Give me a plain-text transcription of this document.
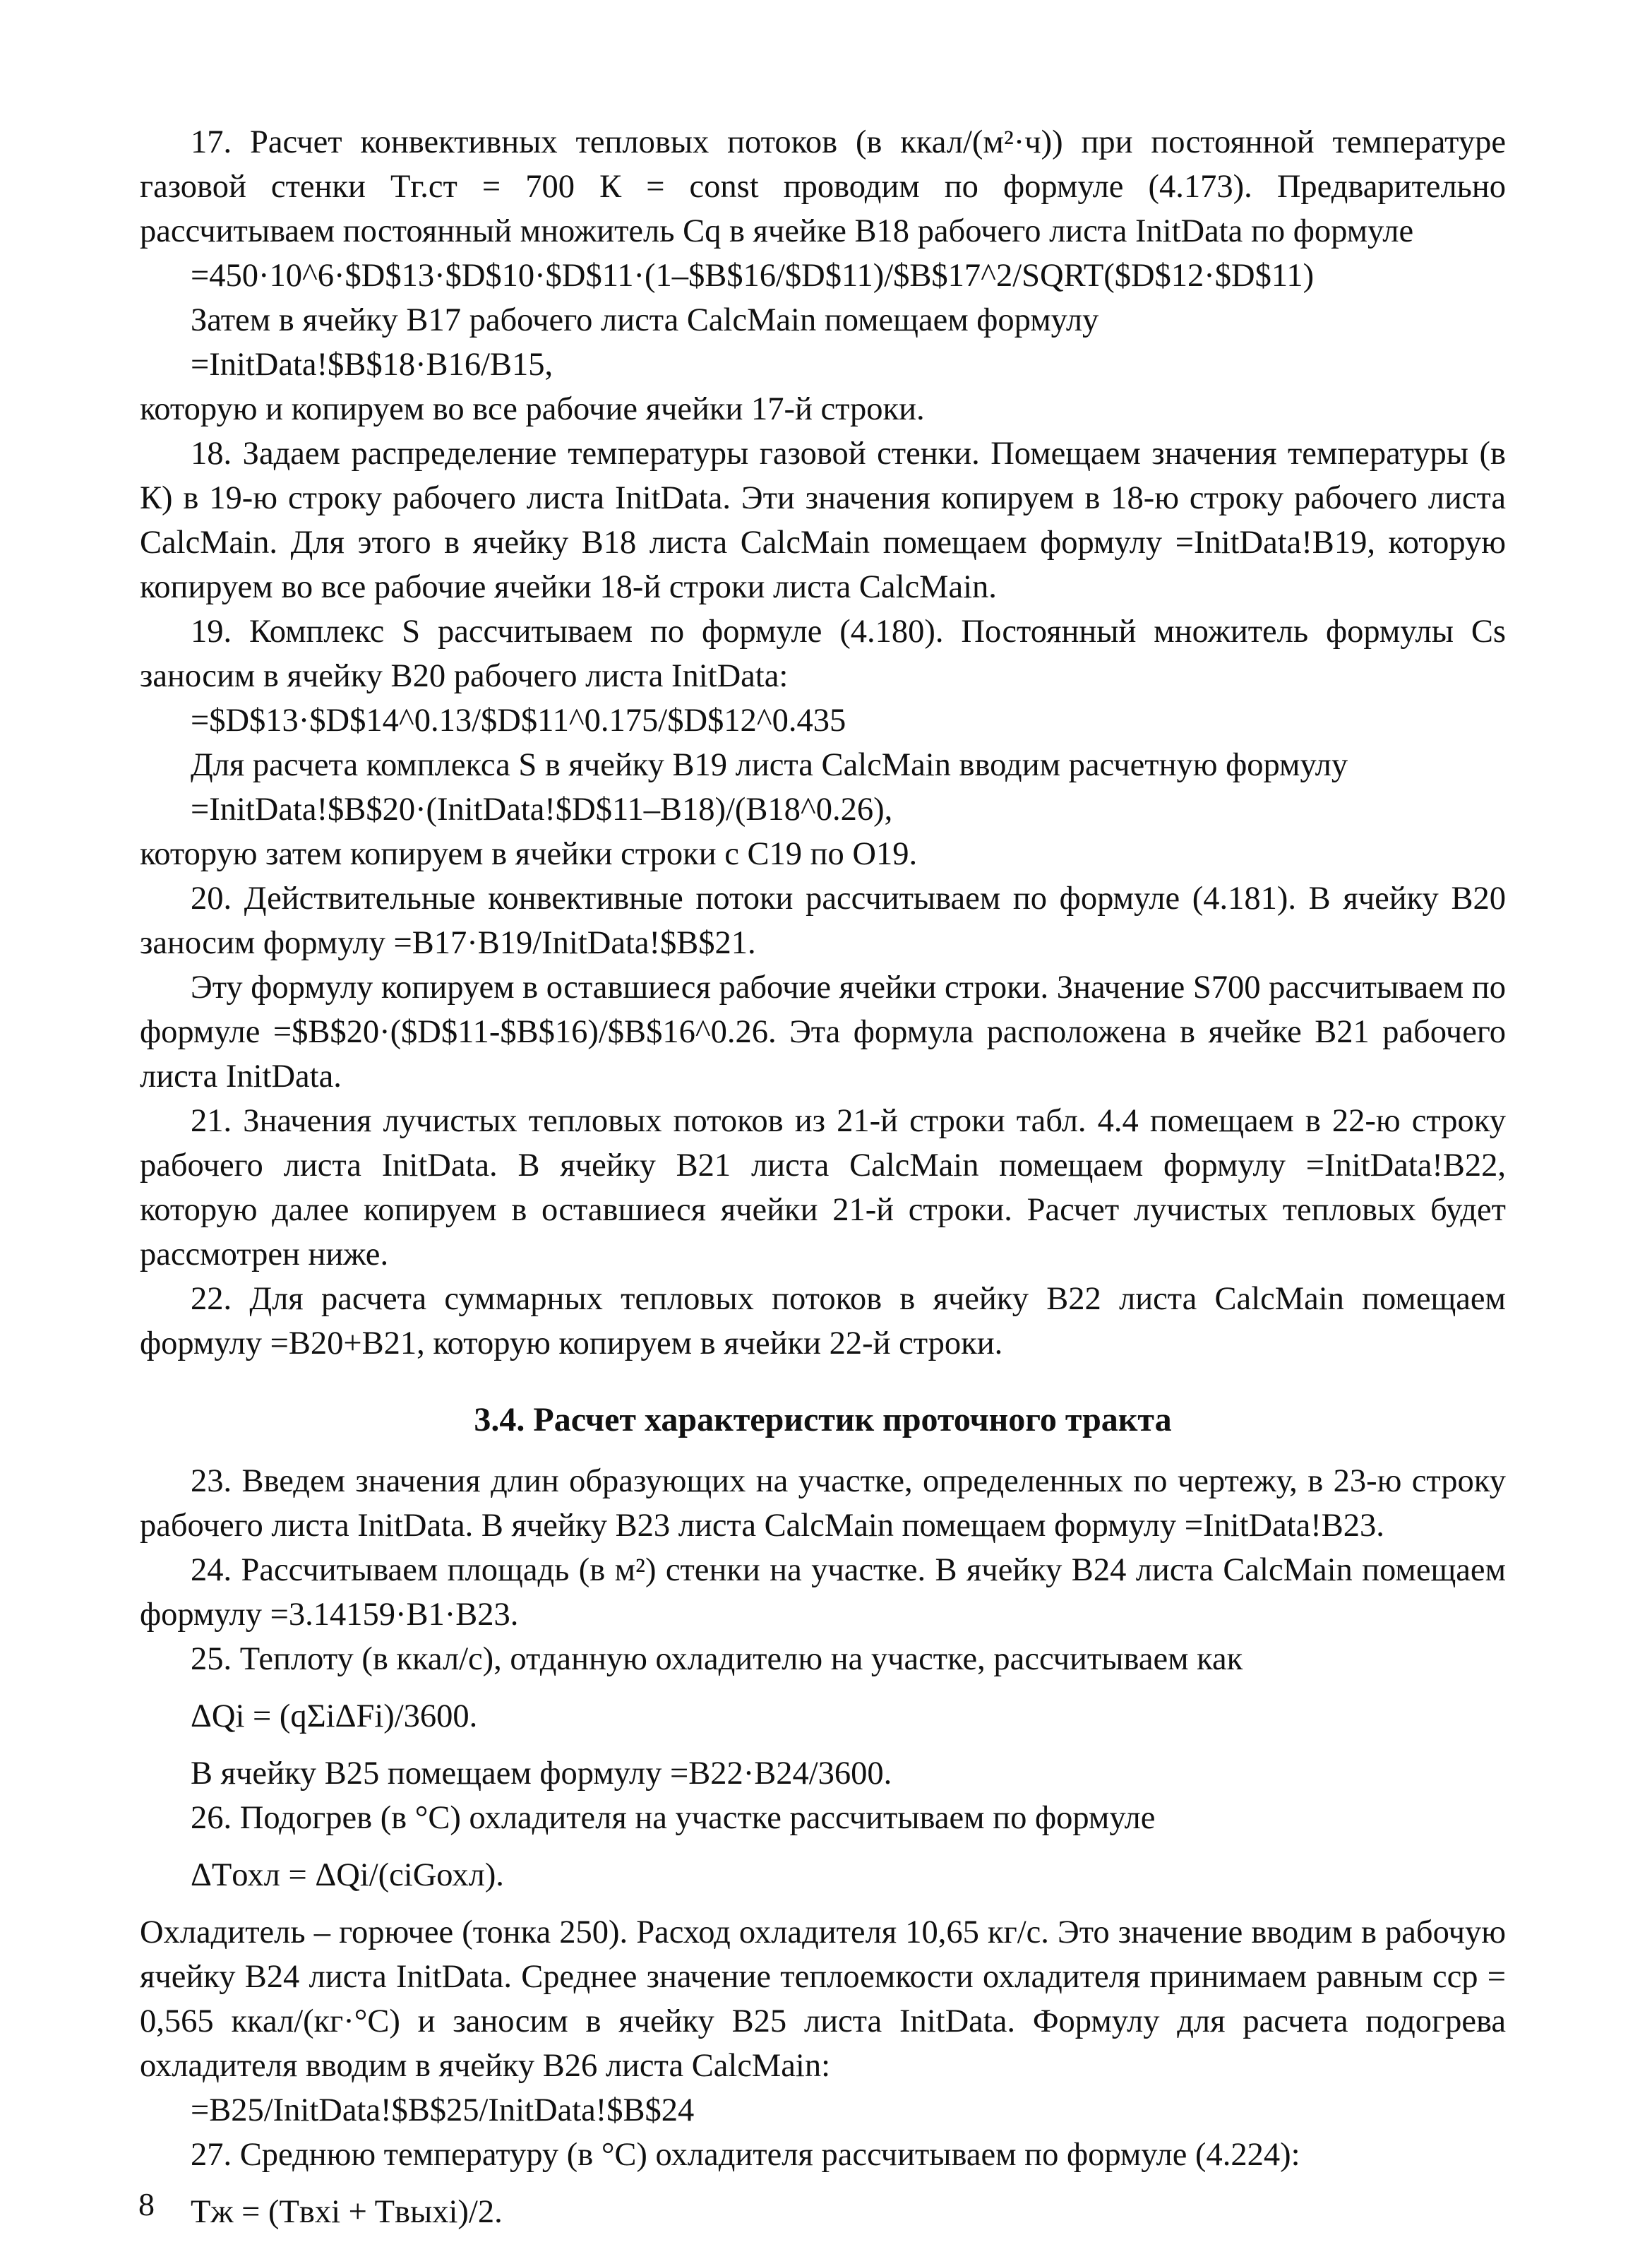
17. Расчет конвективных тепловых потоков (в ккал/(м²·ч)) при постоянной температуре газовой стенки Tг.ст = 700 К = const проводим по формуле (4.173). Предварительно рассчитываем постоянный множитель Cq в ячейке B18 рабочего листа InitData по формуле

=450·10^6·$D$13·$D$10·$D$11·(1–$B$16/$D$11)/$B$17^2/SQRT($D$12·$D$11)

Затем в ячейку B17 рабочего листа CalcMain помещаем формулу

=InitData!$B$18·B16/B15,

которую и копируем во все рабочие ячейки 17-й строки.

18. Задаем распределение температуры газовой стенки. Помещаем значения температуры (в К) в 19-ю строку рабочего листа InitData. Эти значения копируем в 18-ю строку рабочего листа CalcMain. Для этого в ячейку B18 листа CalcMain помещаем формулу =InitData!B19, которую копируем во все рабочие ячейки 18-й строки листа CalcMain.

19. Комплекс S рассчитываем по формуле (4.180). Постоянный множитель формулы Cs заносим в ячейку B20 рабочего листа InitData:

=$D$13·$D$14^0.13/$D$11^0.175/$D$12^0.435

Для расчета комплекса S в ячейку B19 листа CalcMain вводим расчетную формулу

=InitData!$B$20·(InitData!$D$11–B18)/(B18^0.26),

которую затем копируем в ячейки строки с C19 по O19.

20. Действительные конвективные потоки рассчитываем по формуле (4.181). В ячейку B20 заносим формулу =B17·B19/InitData!$B$21.

Эту формулу копируем в оставшиеся рабочие ячейки строки. Значение S700 рассчитываем по формуле =$B$20·($D$11-$B$16)/$B$16^0.26. Эта формула расположена в ячейке B21 рабочего листа InitData.

21. Значения лучистых тепловых потоков из 21-й строки табл. 4.4 помещаем в 22-ю строку рабочего листа InitData. В ячейку B21 листа CalcMain помещаем формулу =InitData!B22, которую далее копируем в оставшиеся ячейки 21-й строки. Расчет лучистых тепловых будет рассмотрен ниже.

22. Для расчета суммарных тепловых потоков в ячейку B22 листа CalcMain помещаем формулу =B20+B21, которую копируем в ячейки 22-й строки.

3.4. Расчет характеристик проточного тракта

23. Введем значения длин образующих на участке, определенных по чертежу, в 23-ю строку рабочего листа InitData. В ячейку B23 листа CalcMain помещаем формулу =InitData!B23.

24. Рассчитываем площадь (в м²) стенки на участке. В ячейку B24 листа CalcMain помещаем формулу =3.14159·B1·B23.

25. Теплоту (в ккал/с), отданную охладителю на участке, рассчитываем как

ΔQi = (qΣiΔFi)/3600.

В ячейку B25 помещаем формулу =B22·B24/3600.

26. Подогрев (в °С) охладителя на участке рассчитываем по формуле

ΔTохл = ΔQi/(ciGохл).

Охладитель – горючее (тонка 250). Расход охладителя 10,65 кг/с. Это значение вводим в рабочую ячейку B24 листа InitData. Среднее значение теплоемкости охладителя принимаем равным cср = 0,565 ккал/(кг·°С) и заносим в ячейку B25 листа InitData. Формулу для расчета подогрева охладителя вводим в ячейку B26 листа CalcMain:

=B25/InitData!$B$25/InitData!$B$24

27. Среднюю температуру (в °С) охладителя рассчитываем по формуле (4.224):

Tж = (Tвхi + Tвыхi)/2.

8
